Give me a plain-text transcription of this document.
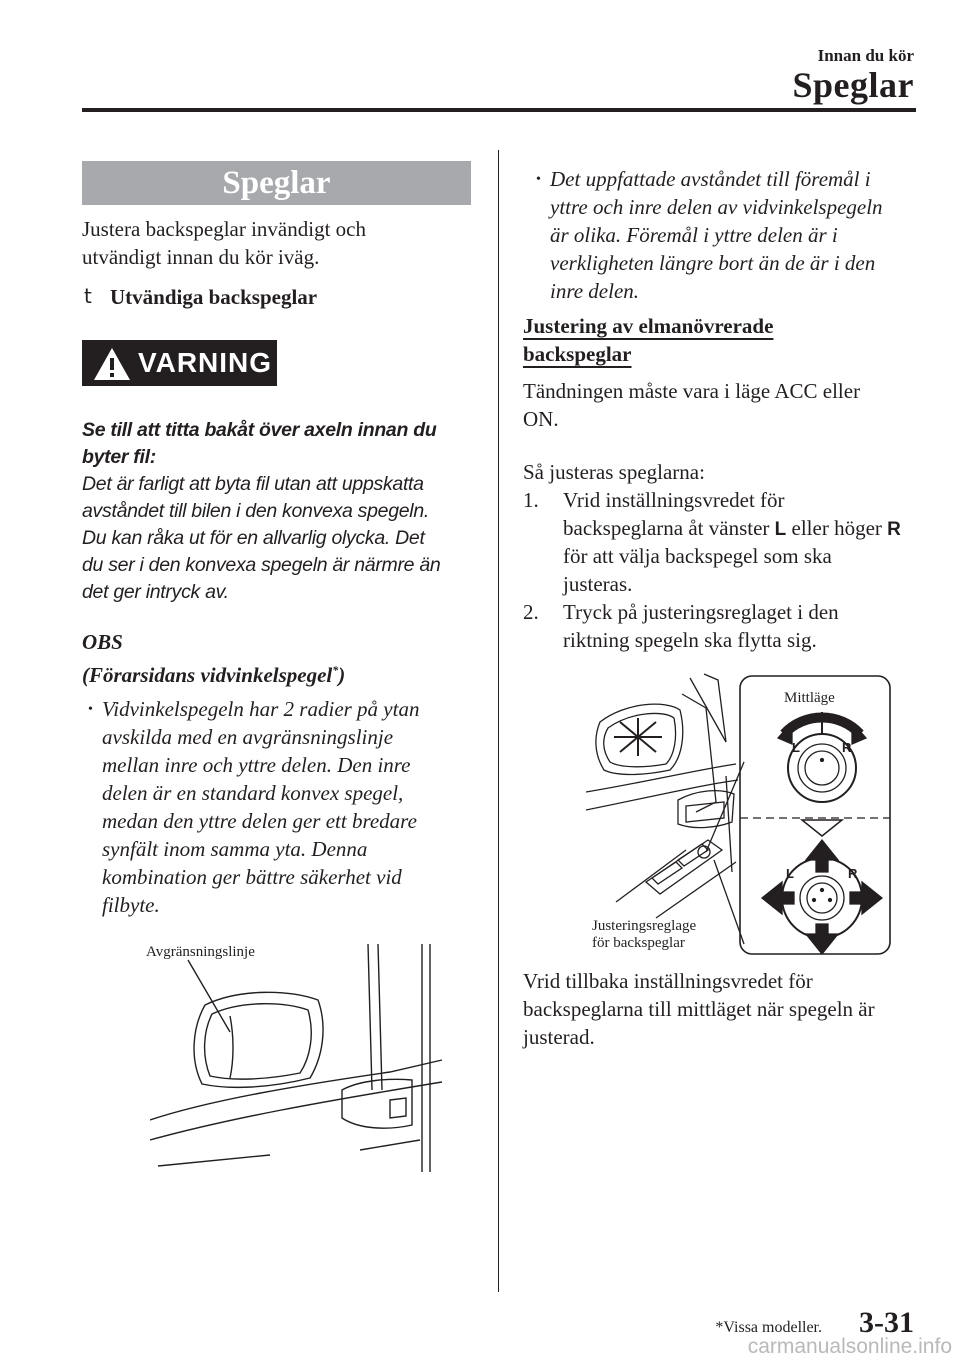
Innan du kör
Speglar
Speglar
Justera backspeglar invändigt och
utvändigt innan du kör iväg.
t Utvändiga backspeglar
VARNING
Se till att titta bakåt över axeln innan du
byter fil:
Det är farligt att byta fil utan att uppskatta
avståndet till bilen i den konvexa spegeln.
Du kan råka ut för en allvarlig olycka. Det
du ser i den konvexa spegeln är närmre än
det ger intryck av.
OBS
(Förarsidans vidvinkelspegel*)
• Vidvinkelspegeln har 2 radier på ytan
avskilda med en avgränsningslinje
mellan inre och yttre delen. Den inre
delen är en standard konvex spegel,
medan den yttre delen ger ett bredare
synfält inom samma yta. Denna
kombination ger bättre säkerhet vid
filbyte.
Avgränsningslinje
• Det uppfattade avståndet till föremål i
yttre och inre delen av vidvinkelspegeln
är olika. Föremål i yttre delen är i
verkligheten längre bort än de är i den
inre delen.
Justering av elmanövrerade
backspeglar
Tändningen måste vara i läge ACC eller
ON.
Så justeras speglarna:
1. Vrid inställningsvredet för
backspeglarna åt vänster L eller höger R
för att välja backspegel som ska
justeras.
2. Tryck på justeringsreglaget i den
riktning spegeln ska flytta sig.
L	R
L	R
Mittläge
Justeringsreglage
för backspeglar
Vrid tillbaka inställningsvredet för
backspeglarna till mittläget när spegeln är
justerad.
*Vissa modeller. 3-31
carmanualsonline.info
